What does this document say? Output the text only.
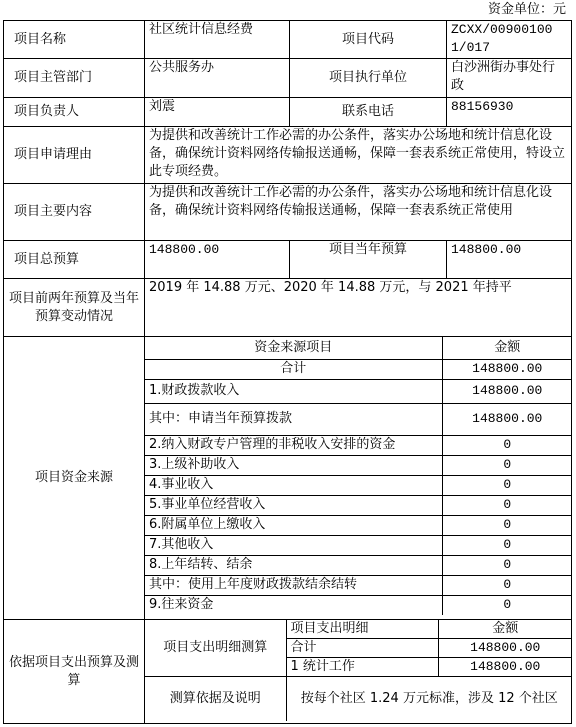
资金单位：元
项目名称	社区统计信息经费	项目代码	ZCXX/009001001/017
项目主管部门	公共服务办	项目执行单位	白沙洲街办事处行政
项目负责人	刘震	联系电话	88156930
项目申请理由	为提供和改善统计工作必需的办公条件，落实办公场地和统计信息化设备，确保统计资料网络传输报送通畅，保障一套表系统正常使用，特设立此专项经费。
项目主要内容	为提供和改善统计工作必需的办公条件，落实办公场地和统计信息化设备，确保统计资料网络传输报送通畅，保障一套表系统正常使用
项目总预算	148800.00	项目当年预算	148800.00
项目前两年预算及当年预算变动情况	2019 年 14.88 万元、2020 年 14.88 万元，与 2021 年持平
项目资金来源	
资金来源项目	金额
合计	148800.00
1.财政拨款收入	148800.00
其中：申请当年预算拨款	148800.00
2.纳入财政专户管理的非税收入安排的资金	0
3.上级补助收入	0
4.事业收入	0
5.事业单位经营收入	0
6.附属单位上缴收入	0
7.其他收入	0
8.上年结转、结余	0
其中：使用上年度财政拨款结余结转	0
9.往来资金	0

依据项目支出预算及测算	
项目支出明细测算	项目支出明细	金额
合计	148800.00
1 统计工作	148800.00
测算依据及说明	按每个社区 1.24 万元标准，涉及 12 个社区
